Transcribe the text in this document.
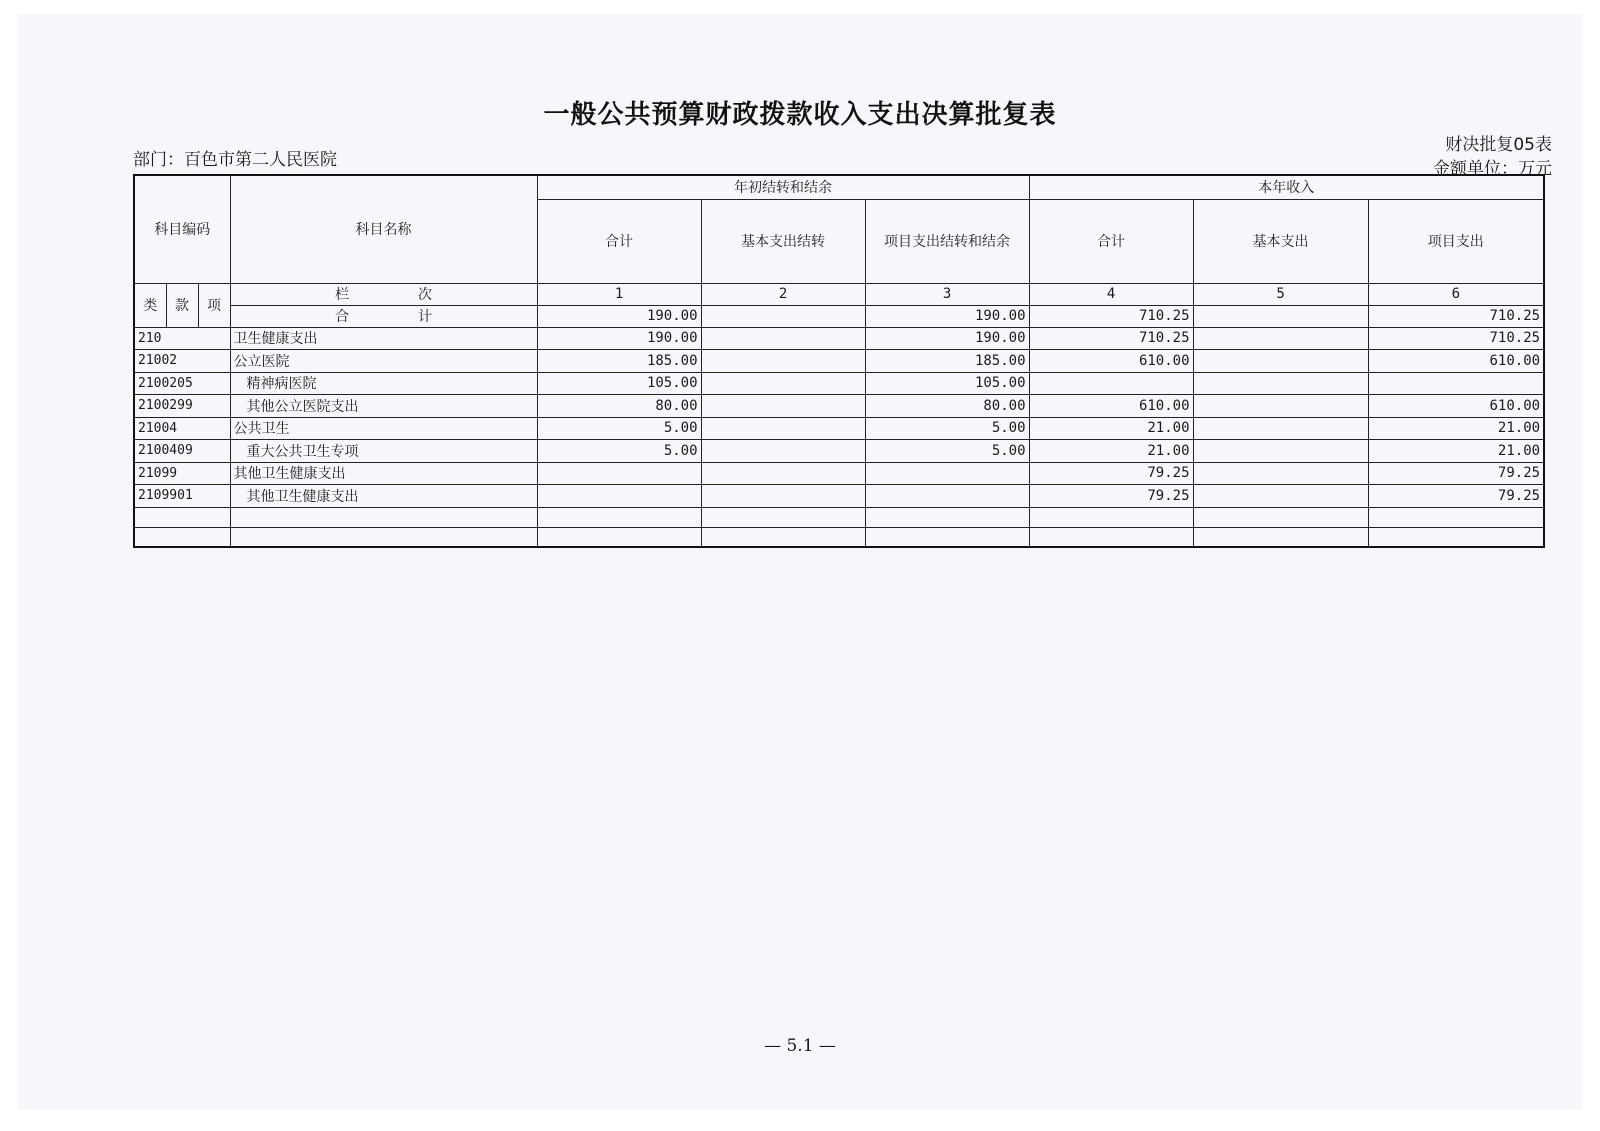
一般公共预算财政拨款收入支出决算批复表
部门：百色市第二人民医院
财决批复05表
金额单位：万元
科目编码			科目名称	年初结转和结余			本年收入		
				合计	基本支出结转	项目支出结转和结余	合计	基本支出	项目支出
类	款	项	栏 次	1	2	3	4	5	6
			合 计	190.00		190.00	710.25		710.25
210			卫生健康支出	190.00		190.00	710.25		710.25
21002			公立医院	185.00		185.00	610.00		610.00
2100205			精神病医院	105.00		105.00			
2100299			其他公立医院支出	80.00		80.00	610.00		610.00
21004			公共卫生	5.00		5.00	21.00		21.00
2100409			重大公共卫生专项	5.00		5.00	21.00		21.00
21099			其他卫生健康支出				79.25		79.25
2109901			其他卫生健康支出				79.25		79.25

— 5.1 —
